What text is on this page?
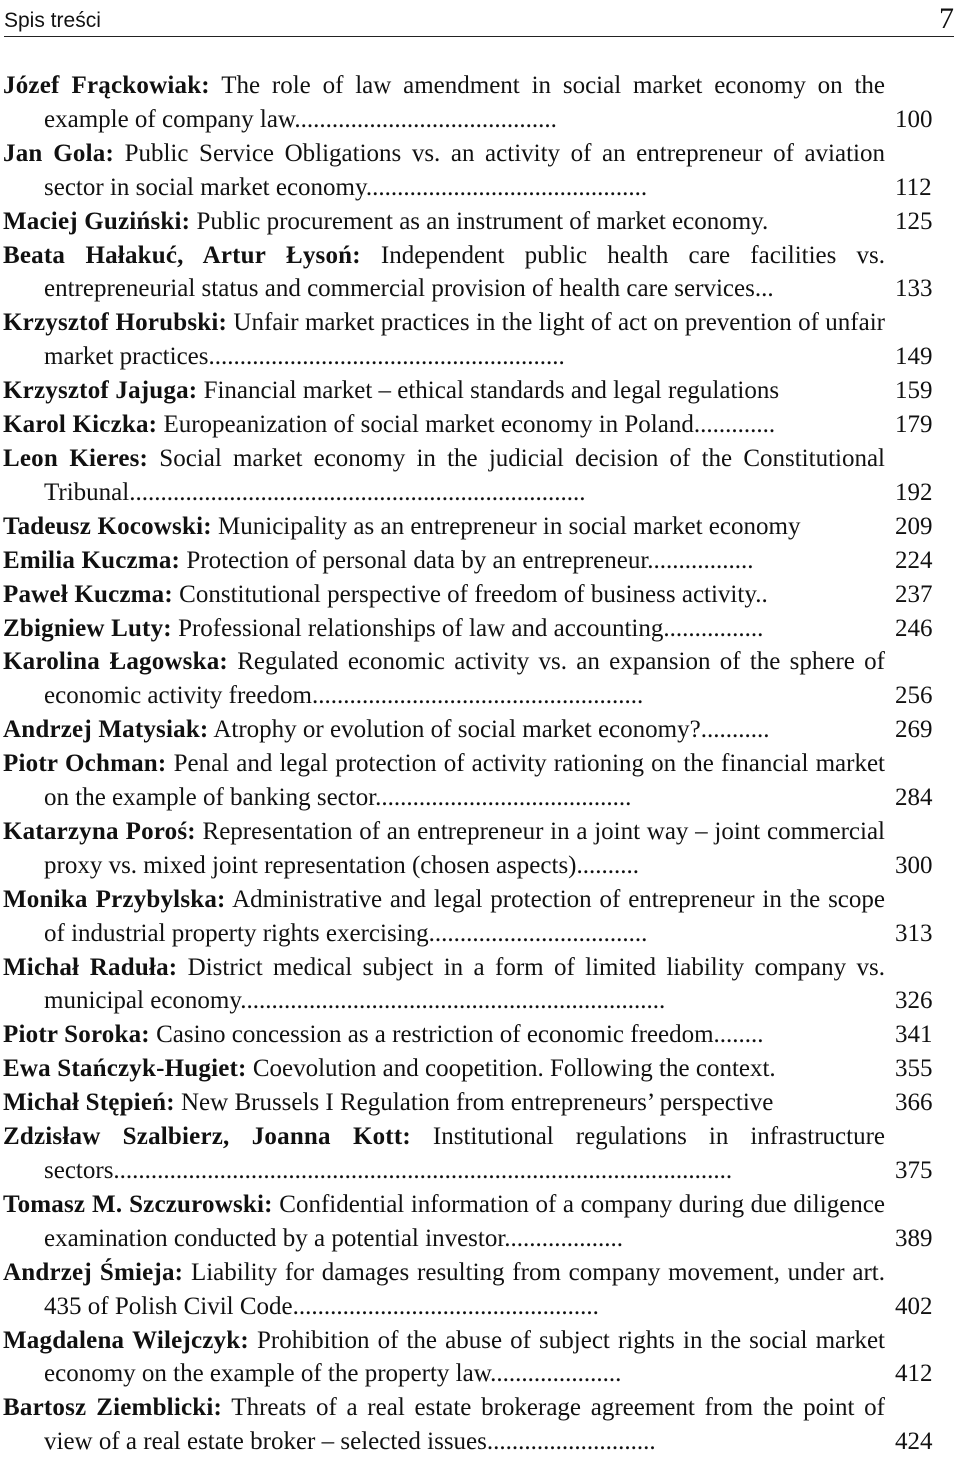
Spis treści	7
Józef Frąckowiak: The role of law amendment in social market economy on the example of company law..........................................	100
Jan Gola: Public Service Obligations vs. an activity of an entrepreneur of aviation sector in social market economy.............................................	112
Maciej Guziński: Public procurement as an instrument of market economy.	125
Beata Hałakuć, Artur Łysoń: Independent public health care facilities vs. entrepreneurial status and commercial provision of health care services...	133
Krzysztof Horubski: Unfair market practices in the light of act on prevention of unfair market practices.........................................................	149
Krzysztof Jajuga: Financial market – ethical standards and legal regulations	159
Karol Kiczka: Europeanization of social market economy in Poland.............	179
Leon Kieres: Social market economy in the judicial decision of the Constitutional Tribunal.........................................................................	192
Tadeusz Kocowski: Municipality as an entrepreneur in social market economy	209
Emilia Kuczma: Protection of personal data by an entrepreneur.................	224
Paweł Kuczma: Constitutional perspective of freedom of business activity..	237
Zbigniew Luty: Professional relationships of law and accounting................	246
Karolina Łagowska: Regulated economic activity vs. an expansion of the sphere of economic activity freedom.....................................................	256
Andrzej Matysiak: Atrophy or evolution of social market economy?...........	269
Piotr Ochman: Penal and legal protection of activity rationing on the financial market on the example of banking sector.........................................	284
Katarzyna Poroś: Representation of an entrepreneur in a joint way – joint commercial proxy vs. mixed joint representation (chosen aspects)..........	300
Monika Przybylska: Administrative and legal protection of entrepreneur in the scope of industrial property rights exercising...................................	313
Michał Raduła: District medical subject in a form of limited liability company vs. municipal economy....................................................................	326
Piotr Soroka: Casino concession as a restriction of economic freedom........	341
Ewa Stańczyk-Hugiet: Coevolution and coopetition. Following the context.	355
Michał Stępień: New Brussels I Regulation from entrepreneurs’ perspective	366
Zdzisław Szalbierz, Joanna Kott: Institutional regulations in infrastructure sectors...................................................................................................	375
Tomasz M. Szczurowski: Confidential information of a company during due diligence examination conducted by a potential investor...................	389
Andrzej Śmieja: Liability for damages resulting from company movement, under art. 435 of Polish Civil Code.................................................	402
Magdalena Wilejczyk: Prohibition of the abuse of subject rights in the social market economy on the example of the property law.....................	412
Bartosz Ziemblicki: Threats of a real estate brokerage agreement from the point of view of a real estate broker – selected issues...........................	424
